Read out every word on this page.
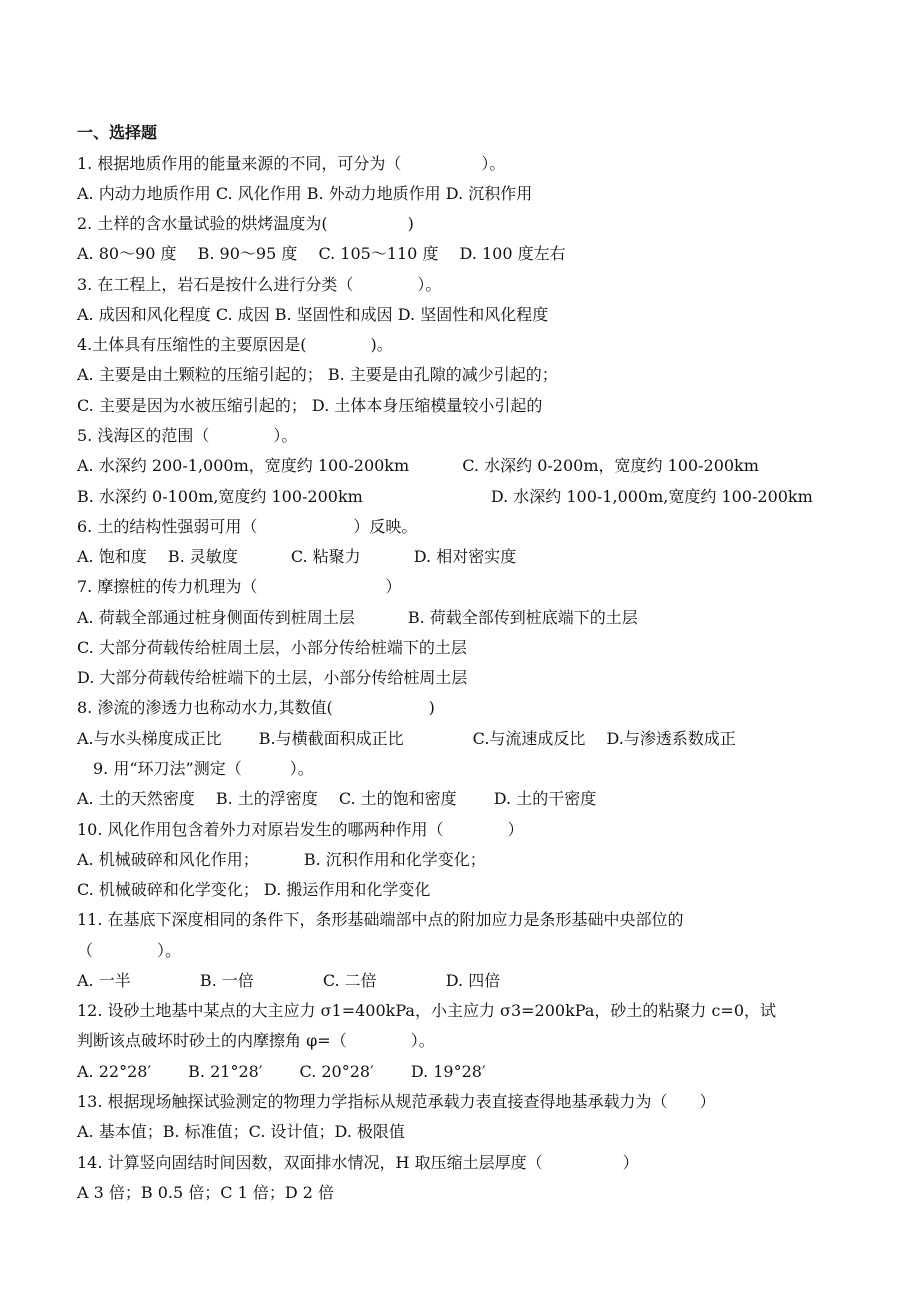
一、选择题
1. 根据地质作用的能量来源的不同，可分为（　　　　　）。
A. 内动力地质作用 C. 风化作用 B. 外动力地质作用 D. 沉积作用
2. 土样的含水量试验的烘烤温度为(　　　　　)
A. 80～90 度　 B. 90～95 度　 C. 105～110 度　 D. 100 度左右
3. 在工程上，岩石是按什么进行分类（　　　　）。
A. 成因和风化程度 C. 成因 B. 坚固性和成因 D. 坚固性和风化程度
4.土体具有压缩性的主要原因是(　　　　)。
A. 主要是由土颗粒的压缩引起的； B. 主要是由孔隙的减少引起的；
C. 主要是因为水被压缩引起的； D. 土体本身压缩模量较小引起的
5. 浅海区的范围（　　　　）。
A. 水深约 200-1,000m，宽度约 100-200km　　　 C. 水深约 0-200m，宽度约 100-200km
B. 水深约 0-100m,宽度约 100-200km　　　　　　　　D. 水深约 100-1,000m,宽度约 100-200km
6. 土的结构性强弱可用（　　　　　　）反映。
A. 饱和度　 B. 灵敏度　　　 C. 粘聚力　　　 D. 相对密实度
7. 摩擦桩的传力机理为（　　　　　　　　）
A. 荷载全部通过桩身侧面传到桩周土层　　　 B. 荷载全部传到桩底端下的土层
C. 大部分荷载传给桩周土层，小部分传给桩端下的土层
D. 大部分荷载传给桩端下的土层，小部分传给桩周土层
8. 渗流的渗透力也称动水力,其数值(　　　　　　)
A.与水头梯度成正比　　 B.与横截面积成正比　　　　 C.与流速成反比　 D.与渗透系数成正
9. 用“环刀法”测定（　　　）。
A. 土的天然密度　 B. 土的浮密度　 C. 土的饱和密度　　 D. 土的干密度
10. 风化作用包含着外力对原岩发生的哪两种作用（　　　　）
A. 机械破碎和风化作用；　　　 B. 沉积作用和化学变化；
C. 机械破碎和化学变化； D. 搬运作用和化学变化
11. 在基底下深度相同的条件下，条形基础端部中点的附加应力是条形基础中央部位的
（　　　　）。
A. 一半　　　　 B. 一倍　　　　 C. 二倍　　　　 D. 四倍
12. 设砂土地基中某点的大主应力 σ1=400kPa，小主应力 σ3=200kPa，砂土的粘聚力 c=0，试
判断该点破坏时砂土的内摩擦角 φ=（　　　　）。
A. 22°28′　　 B. 21°28′　　 C. 20°28′　　 D. 19°28′
13. 根据现场触探试验测定的物理力学指标从规范承载力表直接查得地基承载力为（　　）
A. 基本值；B. 标准值；C. 设计值；D. 极限值
14. 计算竖向固结时间因数，双面排水情况，H 取压缩土层厚度（　　　　　）
A 3 倍；B 0.5 倍；C 1 倍；D 2 倍
